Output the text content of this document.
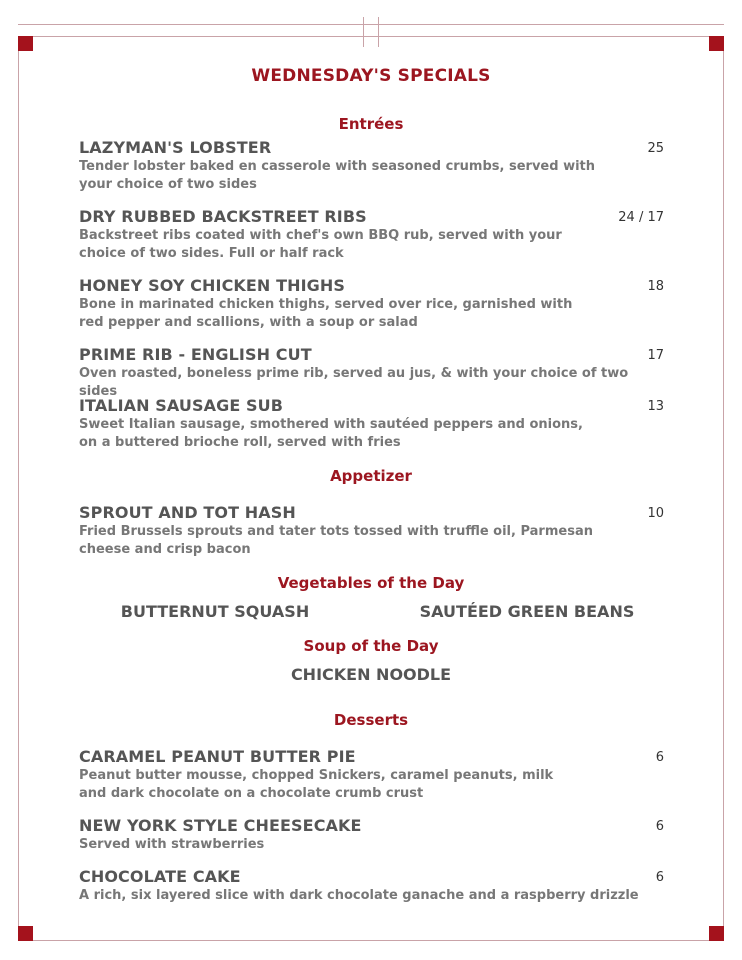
WEDNESDAY'S SPECIALS
Entrées
LAZYMAN'S LOBSTER
Tender lobster baked en casserole with seasoned crumbs, served with your choice of two sides
25
DRY RUBBED BACKSTREET RIBS
Backstreet ribs coated with chef's own BBQ rub, served with your choice of two sides. Full or half rack
24 / 17
HONEY SOY CHICKEN THIGHS
Bone in marinated chicken thighs, served over rice, garnished with red pepper and scallions, with a soup or salad
18
PRIME RIB - ENGLISH CUT
Oven roasted, boneless prime rib, served au jus, & with your choice of two sides
17
ITALIAN SAUSAGE SUB
Sweet Italian sausage, smothered with sautéed peppers and onions, on a buttered brioche roll, served with fries
13
Appetizer
SPROUT AND TOT HASH
Fried Brussels sprouts and tater tots tossed with truffle oil, Parmesan cheese and crisp bacon
10
Vegetables of the Day
BUTTERNUT SQUASH	SAUTÉED GREEN BEANS
Soup of the Day
CHICKEN NOODLE
Desserts
CARAMEL PEANUT BUTTER PIE
Peanut butter mousse, chopped Snickers, caramel peanuts, milk and dark chocolate on a chocolate crumb crust
6
NEW YORK STYLE CHEESECAKE
Served with strawberries
6
CHOCOLATE CAKE
A rich, six layered slice with dark chocolate ganache and a raspberry drizzle
6
